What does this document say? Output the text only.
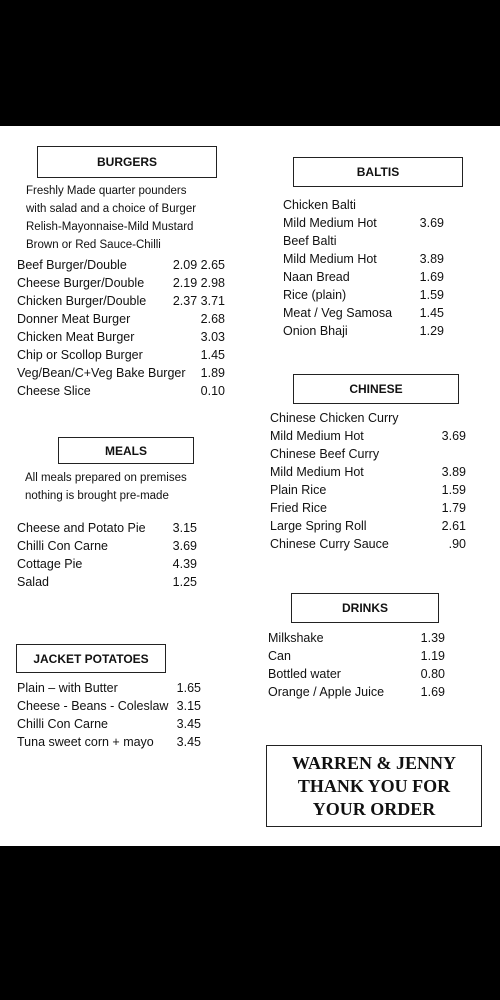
BURGERS
Freshly Made quarter pounders
with salad and a choice of Burger
Relish-Mayonnaise-Mild Mustard
Brown or Red Sauce-Chilli
Beef Burger/Double	2.09 2.65
Cheese Burger/Double 2.19 2.98
Chicken Burger/Double 2.37 3.71
Donner Meat Burger	2.68
Chicken Meat Burger	3.03
Chip or Scollop Burger	1.45
Veg/Bean/C+Veg Bake Burger 1.89
Cheese Slice	0.10
MEALS
All meals prepared on premises
nothing is brought pre-made
Cheese and Potato Pie 3.15
Chilli Con Carne	3.69
Cottage Pie	4.39
Salad	1.25
JACKET POTATOES
Plain – with Butter	1.65
Cheese - Beans - Coleslaw 3.15
Chilli Con Carne	3.45
Tuna sweet corn + mayo 3.45
BALTIS
Chicken Balti
Mild Medium Hot	3.69
Beef Balti
Mild Medium Hot	3.89
Naan Bread	1.69
Rice (plain)	1.59
Meat / Veg Samosa 1.45
Onion Bhaji	1.29
CHINESE
Chinese Chicken Curry
Mild Medium Hot	3.69
Chinese Beef Curry
Mild Medium Hot	3.89
Plain Rice	1.59
Fried Rice	1.79
Large Spring Roll	2.61
Chinese Curry Sauce	.90
DRINKS
Milkshake	1.39
Can	1.19
Bottled water	0.80
Orange / Apple Juice	1.69
WARREN & JENNY
THANK YOU FOR
YOUR ORDER
